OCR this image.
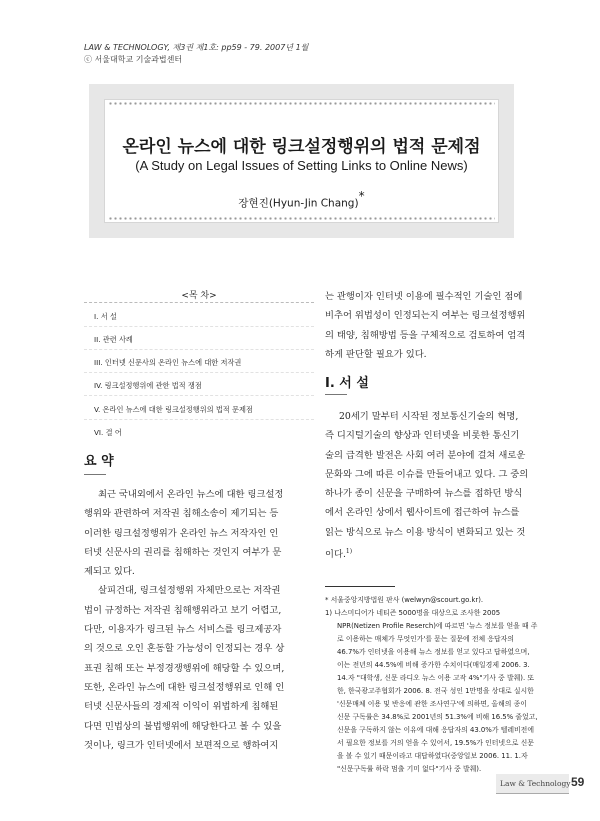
LAW & TECHNOLOGY, 제3권 제1호: pp59 - 79. 2007년 1월
ⓒ 서울대학교 기술과법센터
온라인 뉴스에 대한 링크설정행위의 법적 문제점
(A Study on Legal Issues of Setting Links to Online News)
장현진(Hyun-Jin Chang)*
<목 차>
I. 서 설
II. 관련 사례
III. 인터넷 신문사의 온라인 뉴스에 대한 저작권
IV. 링크설정행위에 관한 법적 쟁점
V. 온라인 뉴스에 대한 링크설정행위의 법적 문제점
VI. 결 어
요 약
최근 국내외에서 온라인 뉴스에 대한 링크설정
행위와 관련하여 저작권 침해소송이 제기되는 등
이러한 링크설정행위가 온라인 뉴스 저작자인 인
터넷 신문사의 권리를 침해하는 것인지 여부가 문
제되고 있다.
살피건대, 링크설정행위 자체만으로는 저작권
법이 규정하는 저작권 침해행위라고 보기 어렵고,
다만, 이용자가 링크된 뉴스 서비스를 링크제공자
의 것으로 오인 혼동할 가능성이 인정되는 경우 상
표권 침해 또는 부정경쟁행위에 해당할 수 있으며,
또한, 온라인 뉴스에 대한 링크설정행위로 인해 인
터넷 신문사들의 경제적 이익이 위법하게 침해된
다면 민법상의 불법행위에 해당한다고 볼 수 있을
것이나, 링크가 인터넷에서 보편적으로 행하여지
는 관행이자 인터넷 이용에 필수적인 기술인 점에
비추어 위법성이 인정되는지 여부는 링크설정행위
의 태양, 침해방법 등을 구체적으로 검토하여 엄격
하게 판단할 필요가 있다.
I. 서 설
20세기 말부터 시작된 정보통신기술의 혁명,
즉 디지털기술의 향상과 인터넷을 비롯한 통신기
술의 급격한 발전은 사회 여러 분야에 걸쳐 새로운
문화와 그에 따른 이슈를 만들어내고 있다. 그 중의
하나가 종이 신문을 구매하여 뉴스를 접하던 방식
에서 온라인 상에서 웹사이트에 접근하여 뉴스를
읽는 방식으로 뉴스 이용 방식이 변화되고 있는 것
이다.$^{1)}$
* 서울중앙지방법원 판사 (welwyn@scourt.go.kr).
1) 나스미디어가 네티즌 5000명을 대상으로 조사한 2005
NPR(Netizen Profile Reserch)에 따르면 '뉴스 정보를 얻을 때 주
로 이용하는 매체가 무엇인가'를 묻는 질문에 전체 응답자의
46.7%가 인터넷을 이용해 뉴스 정보를 얻고 있다고 답하였으며,
이는 전년의 44.5%에 비해 증가한 수치이다(매일경제 2006. 3.
14.자 "대학생, 신문 라디오 뉴스 이용 고작 4%"기사 중 발췌). 또
한, 한국광고주협회가 2006. 8. 전국 성인 1만명을 상대로 실시한
'신문매체 이용 및 반응에 관한 조사연구'에 의하면, 올해의 종이
신문 구독률은 34.8%로 2001년의 51.3%에 비해 16.5% 줄었고,
신문을 구독하지 않는 이유에 대해 응답자의 43.0%가 텔레비전에
서 필요한 정보를 거의 얻을 수 있어서, 19.5%가 인터넷으로 신문
을 볼 수 있기 때문이라고 대답하였다(중앙일보 2006. 11. 1.자
"신문구독률 하락 멈출 기미 없다"기사 중 발췌).
Law & Technology 59
